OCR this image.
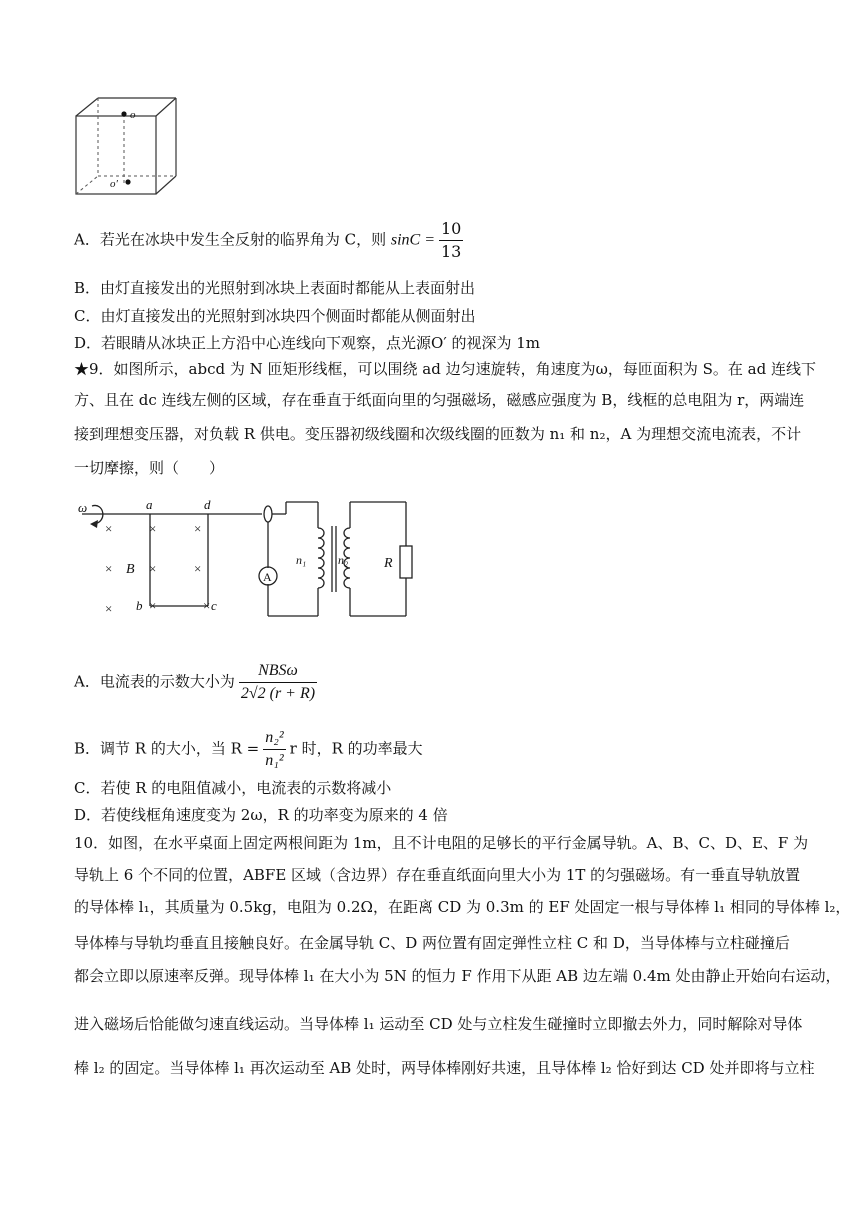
o
o′
A．若光在冰块中发生全反射的临界角为 C，则 $\sin C = \frac{10}{13}$
B．由灯直接发出的光照射到冰块上表面时都能从上表面射出
C．由灯直接发出的光照射到冰块四个侧面时都能从侧面射出
D．若眼睛从冰块正上方沿中心连线向下观察，点光源O′ 的视深为 1m
★9．如图所示，abcd 为 N 匝矩形线框，可以围绕 ad 边匀速旋转，角速度为ω，每匝面积为 S。在 ad 连线下
方、且在 dc 连线左侧的区域，存在垂直于纸面向里的匀强磁场，磁感应强度为 B，线框的总电阻为 r，两端连
接到理想变压器，对负载 R 供电。变压器初级线圈和次级线圈的匝数为 n₁ 和 n₂，A 为理想交流电流表，不计
一切摩擦，则（　　）
×
×
×
×
×
×
×
×
×
ω	a	d
B
b	c
A
n₁	n₂	R
A．电流表的示数大小为 $\frac{\text{NBSω}}{2√2 (r + R)}$
B．调节 R 的大小，当 $R = \frac{\text{n₂²}}{\text{n₁²}}$ r 时，R 的功率最大
C．若使 R 的电阻值减小，电流表的示数将减小
D．若使线框角速度变为 2ω，R 的功率变为原来的 4 倍
10．如图，在水平桌面上固定两根间距为 1m，且不计电阻的足够长的平行金属导轨。A、B、C、D、E、F 为
导轨上 6 个不同的位置，ABFE 区域（含边界）存在垂直纸面向里大小为 1T 的匀强磁场。有一垂直导轨放置
的导体棒 l₁，其质量为 0.5kg，电阻为 0.2Ω，在距离 CD 为 0.3m 的 EF 处固定一根与导体棒 l₁ 相同的导体棒 l₂，
导体棒与导轨均垂直且接触良好。在金属导轨 C、D 两位置有固定弹性立柱 C 和 D，当导体棒与立柱碰撞后
都会立即以原速率反弹。现导体棒 l₁ 在大小为 5N 的恒力 F 作用下从距 AB 边左端 0.4m 处由静止开始向右运动，
进入磁场后恰能做匀速直线运动。当导体棒 l₁ 运动至 CD 处与立柱发生碰撞时立即撤去外力，同时解除对导体
棒 l₂ 的固定。当导体棒 l₁ 再次运动至 AB 处时，两导体棒刚好共速，且导体棒 l₂ 恰好到达 CD 处并即将与立柱
